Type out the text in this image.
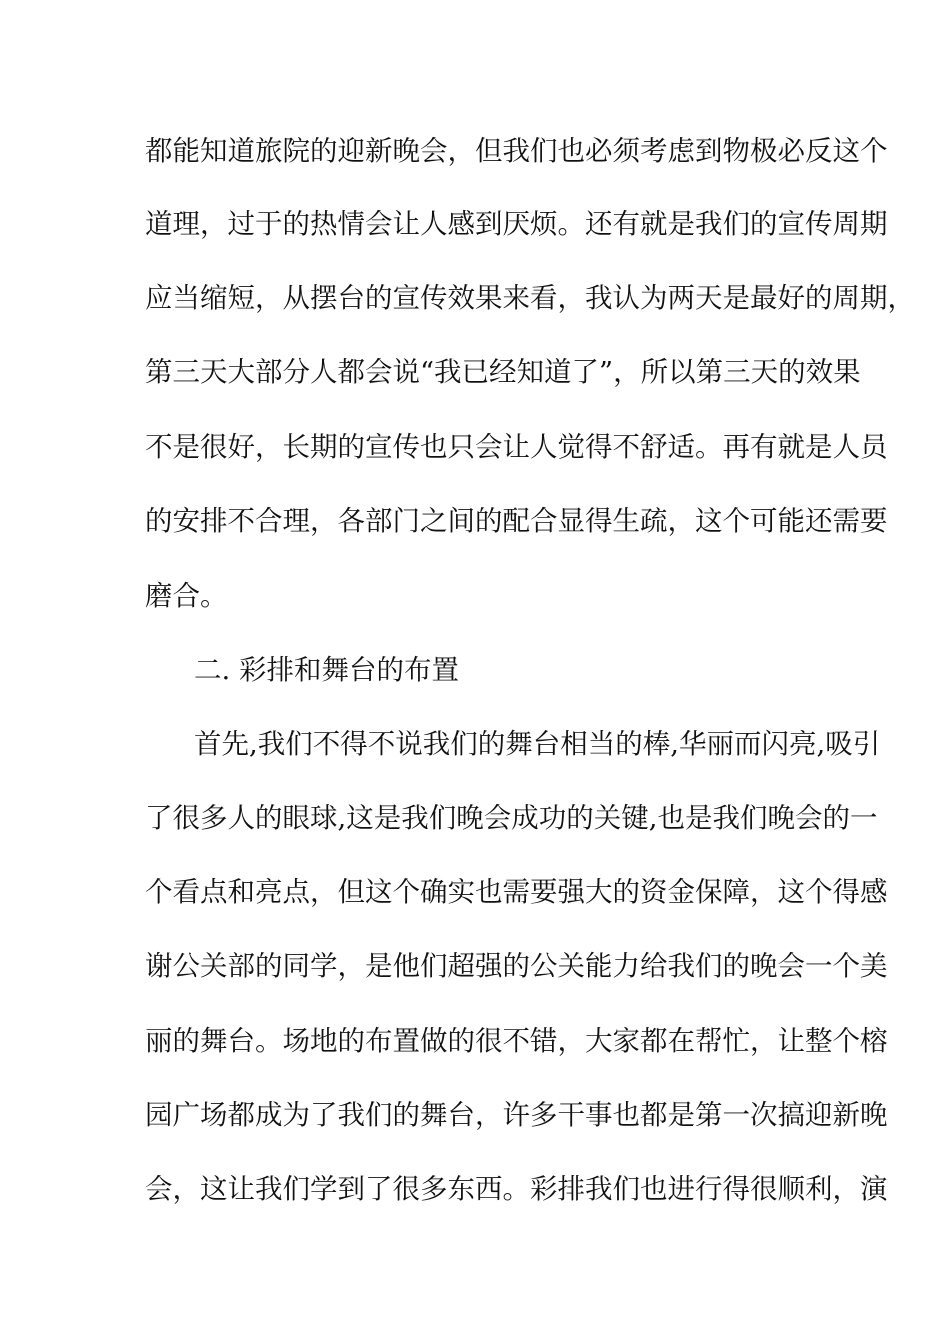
都能知道旅院的迎新晚会，但我们也必须考虑到物极必反这个

道理，过于的热情会让人感到厌烦。还有就是我们的宣传周期

应当缩短，从摆台的宣传效果来看，我认为两天是最好的周期，

第三天大部分人都会说“我已经知道了”，所以第三天的效果

不是很好，长期的宣传也只会让人觉得不舒适。再有就是人员

的安排不合理，各部门之间的配合显得生疏，这个可能还需要

磨合。

二. 彩排和舞台的布置

首先,我们不得不说我们的舞台相当的棒,华丽而闪亮,吸引

了很多人的眼球,这是我们晚会成功的关键,也是我们晚会的一

个看点和亮点，但这个确实也需要强大的资金保障，这个得感

谢公关部的同学，是他们超强的公关能力给我们的晚会一个美

丽的舞台。场地的布置做的很不错，大家都在帮忙，让整个榕

园广场都成为了我们的舞台，许多干事也都是第一次搞迎新晚

会，这让我们学到了很多东西。彩排我们也进行得很顺利，演
